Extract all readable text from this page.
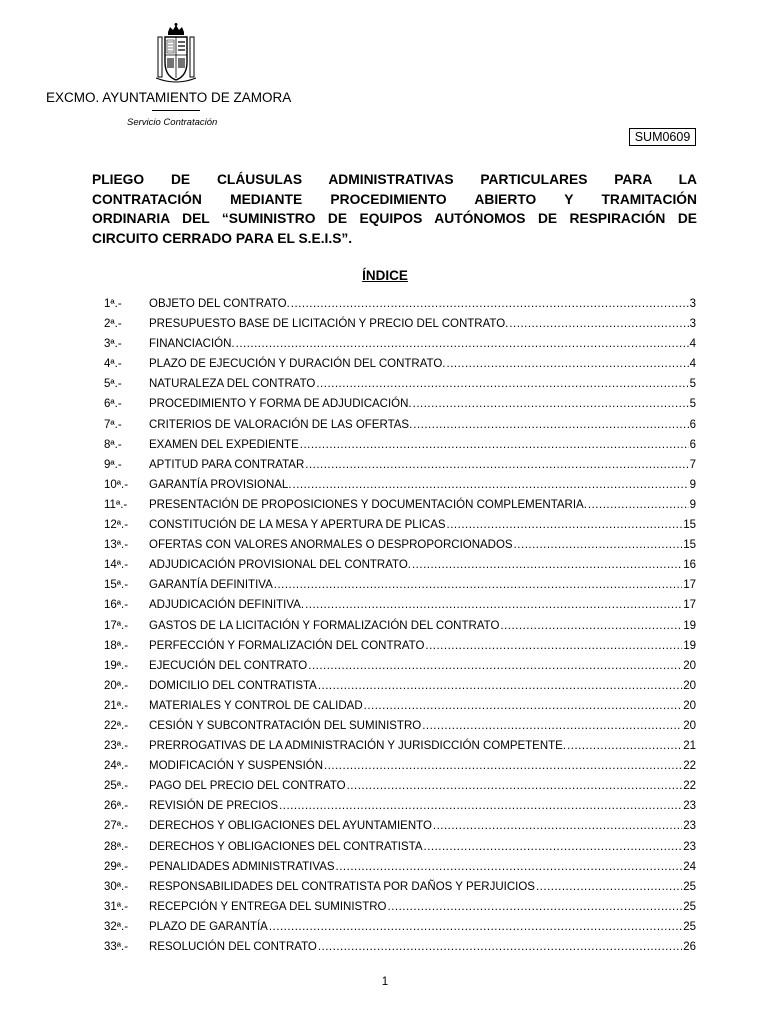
EXCMO. AYUNTAMIENTO DE ZAMORA
Servicio Contratación
SUM0609
PLIEGO DE CLÁUSULAS ADMINISTRATIVAS PARTICULARES PARA LA
CONTRATACIÓN MEDIANTE PROCEDIMIENTO ABIERTO Y TRAMITACIÓN
ORDINARIA DEL “SUMINISTRO DE EQUIPOS AUTÓNOMOS DE RESPIRACIÓN DE
CIRCUITO CERRADO PARA EL S.E.I.S”.
ÍNDICE
1ª.-	OBJETO DEL CONTRATO. .....	3
2ª.-	PRESUPUESTO BASE DE LICITACIÓN Y PRECIO DEL CONTRATO. .....	3
3ª.-	FINANCIACIÓN. .....	4
4ª.-	PLAZO DE EJECUCIÓN Y DURACIÓN DEL CONTRATO. .....	4
5ª.-	NATURALEZA DEL CONTRATO .....	5
6ª.-	PROCEDIMIENTO Y FORMA DE ADJUDICACIÓN. .....	5
7ª.-	CRITERIOS DE VALORACIÓN DE LAS OFERTAS. .....	6
8ª.-	EXAMEN DEL EXPEDIENTE .....	6
9ª.-	APTITUD PARA CONTRATAR .....	7
10ª.-	GARANTÍA PROVISIONAL. .....	9
11ª.-	PRESENTACIÓN DE PROPOSICIONES Y DOCUMENTACIÓN COMPLEMENTARIA. .....	9
12ª.-	CONSTITUCIÓN DE LA MESA Y APERTURA DE PLICAS .....	15
13ª.-	OFERTAS CON VALORES ANORMALES O DESPROPORCIONADOS .....	15
14ª.-	ADJUDICACIÓN PROVISIONAL DEL CONTRATO. .....	16
15ª.-	GARANTÍA DEFINITIVA .....	17
16ª.-	ADJUDICACIÓN DEFINITIVA. .....	17
17ª.-	GASTOS DE LA LICITACIÓN Y FORMALIZACIÓN DEL CONTRATO .....	19
18ª.-	PERFECCIÓN Y FORMALIZACIÓN DEL CONTRATO .....	19
19ª.-	EJECUCIÓN DEL CONTRATO .....	20
20ª.-	DOMICILIO DEL CONTRATISTA .....	20
21ª.-	MATERIALES Y CONTROL DE CALIDAD .....	20
22ª.-	CESIÓN Y SUBCONTRATACIÓN DEL SUMINISTRO .....	20
23ª.-	PRERROGATIVAS DE LA ADMINISTRACIÓN Y JURISDICCIÓN COMPETENTE. .....	21
24ª.-	MODIFICACIÓN Y SUSPENSIÓN .....	22
25ª.-	PAGO DEL PRECIO DEL CONTRATO .....	22
26ª.-	REVISIÓN DE PRECIOS .....	23
27ª.-	DERECHOS Y OBLIGACIONES DEL AYUNTAMIENTO .....	23
28ª.-	DERECHOS Y OBLIGACIONES DEL CONTRATISTA .....	23
29ª.-	PENALIDADES ADMINISTRATIVAS .....	24
30ª.-	RESPONSABILIDADES DEL CONTRATISTA POR DAÑOS Y PERJUICIOS .....	25
31ª.-	RECEPCIÓN Y ENTREGA DEL SUMINISTRO .....	25
32ª.-	PLAZO DE GARANTÍA .....	25
33ª.-	RESOLUCIÓN DEL CONTRATO .....	26
1
